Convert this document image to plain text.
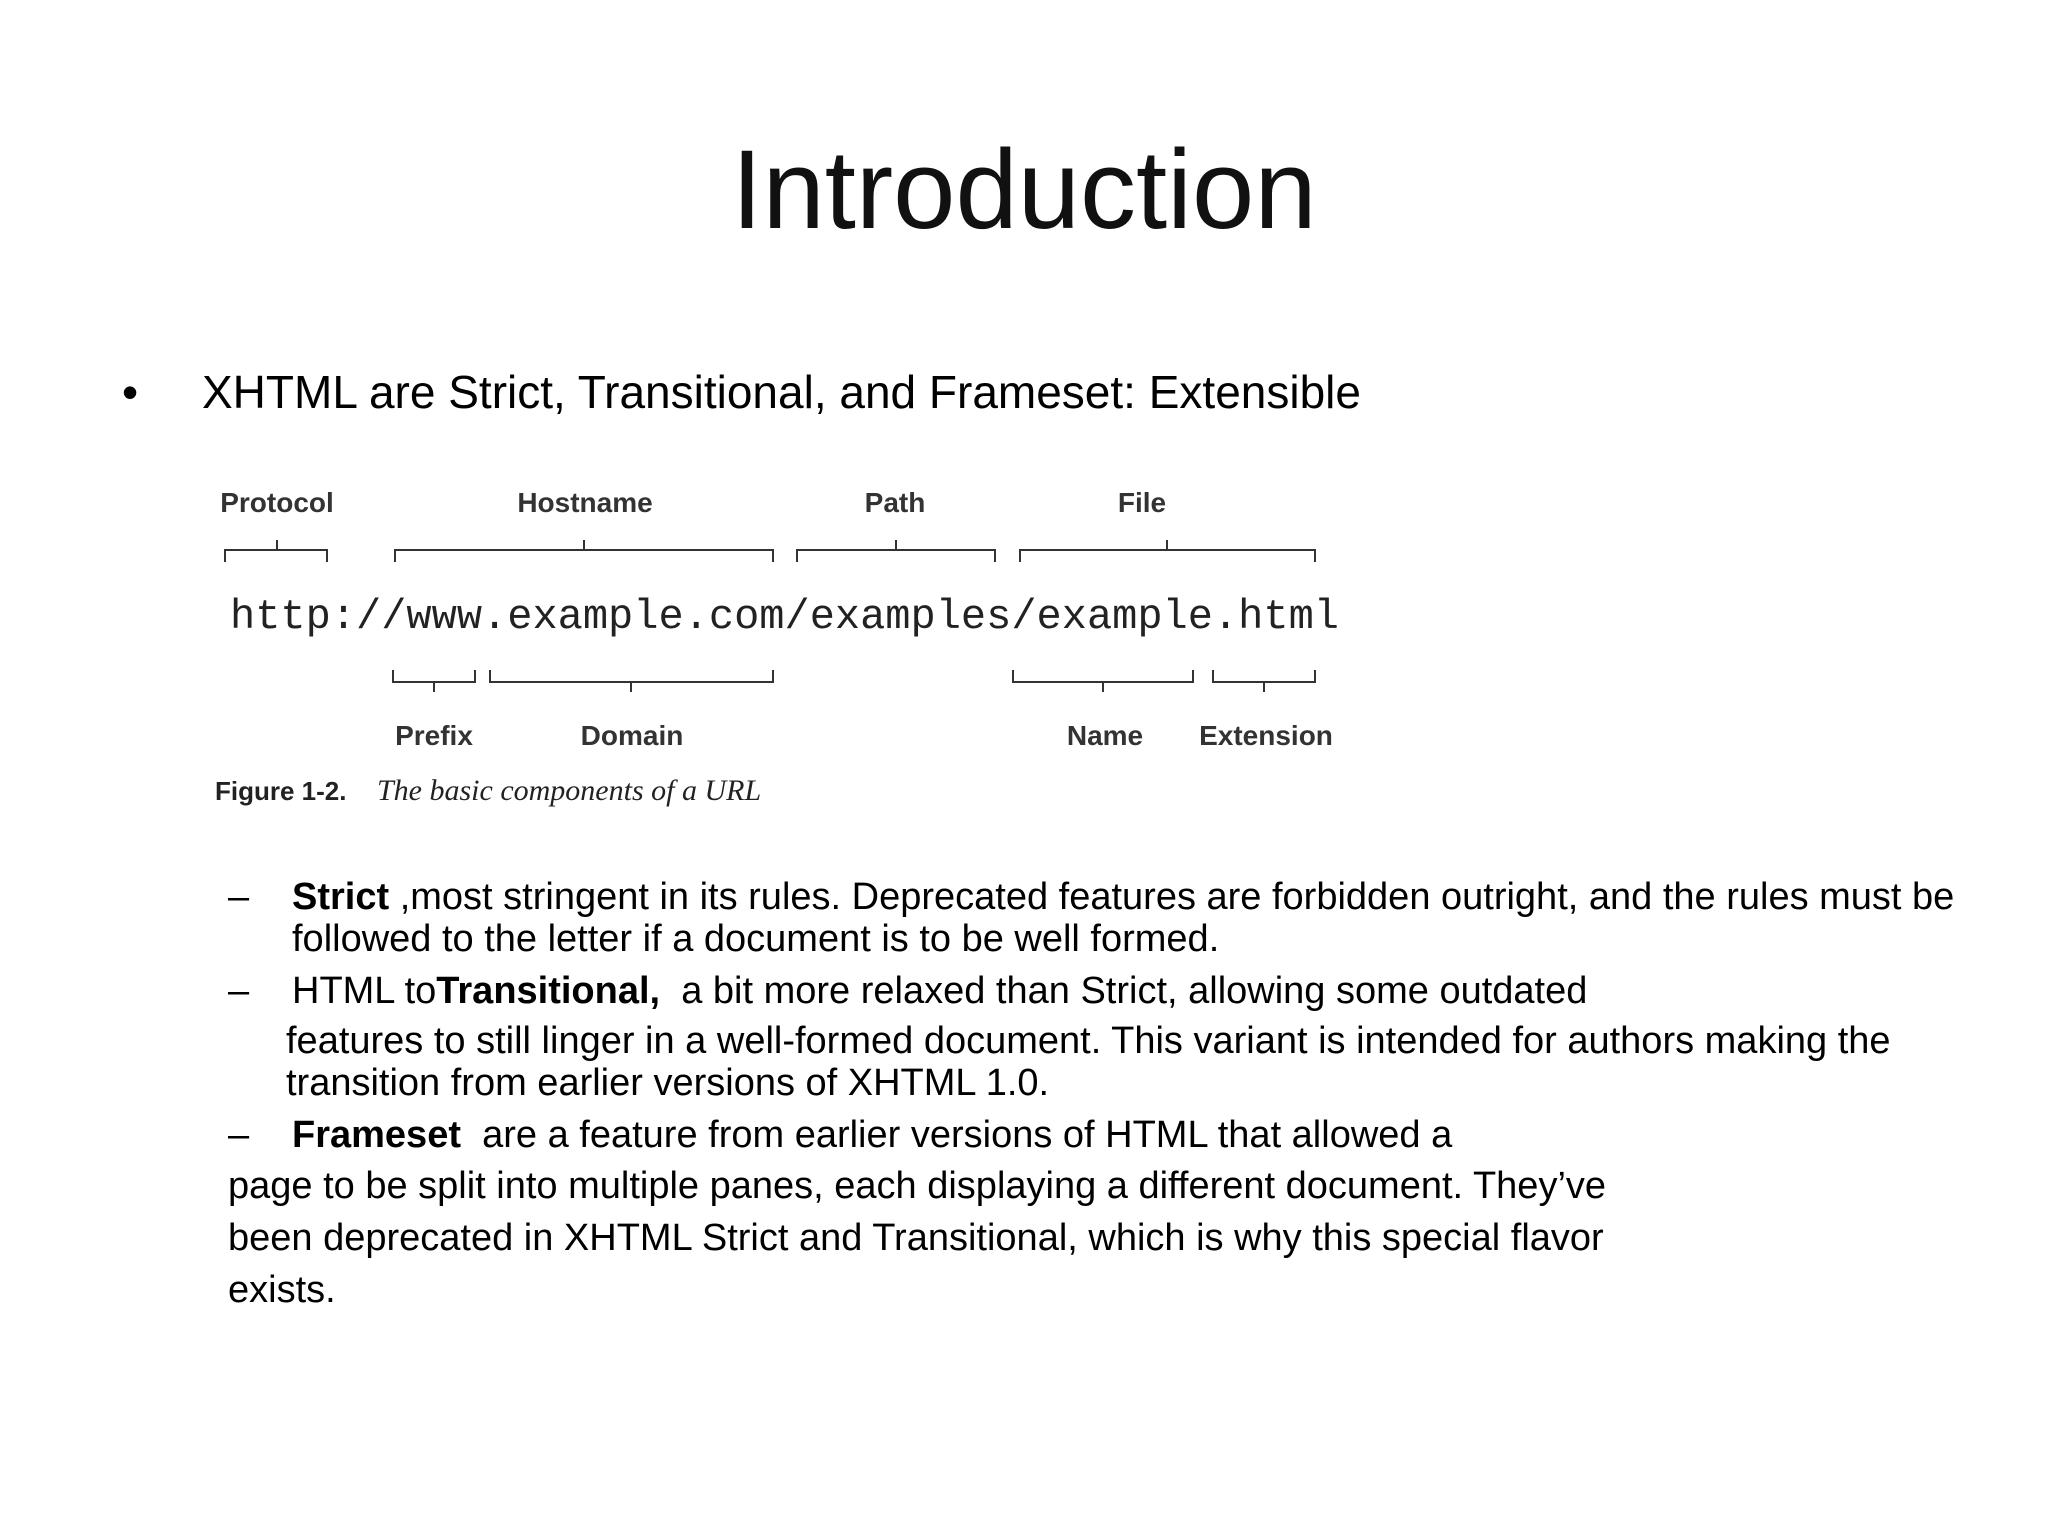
Introduction
• XHTML are Strict, Transitional, and Frameset: Extensible
Protocol	Hostname	Path	File
http://www.example.com/examples/example.html
Prefix	Domain	Name Extension
Figure 1-2. The basic components of a URL
– Strict ,most stringent in its rules. Deprecated features are forbidden outright, and the rules must be followed to the letter if a document is to be well formed.
– HTML toTransitional,  a bit more relaxed than Strict, allowing some outdated
features to still linger in a well-formed document. This variant is intended for authors making the transition from earlier versions of XHTML 1.0.
– Frameset  are a feature from earlier versions of HTML that allowed a
page to be split into multiple panes, each displaying a different document. They’ve
been deprecated in XHTML Strict and Transitional, which is why this special flavor
exists.
